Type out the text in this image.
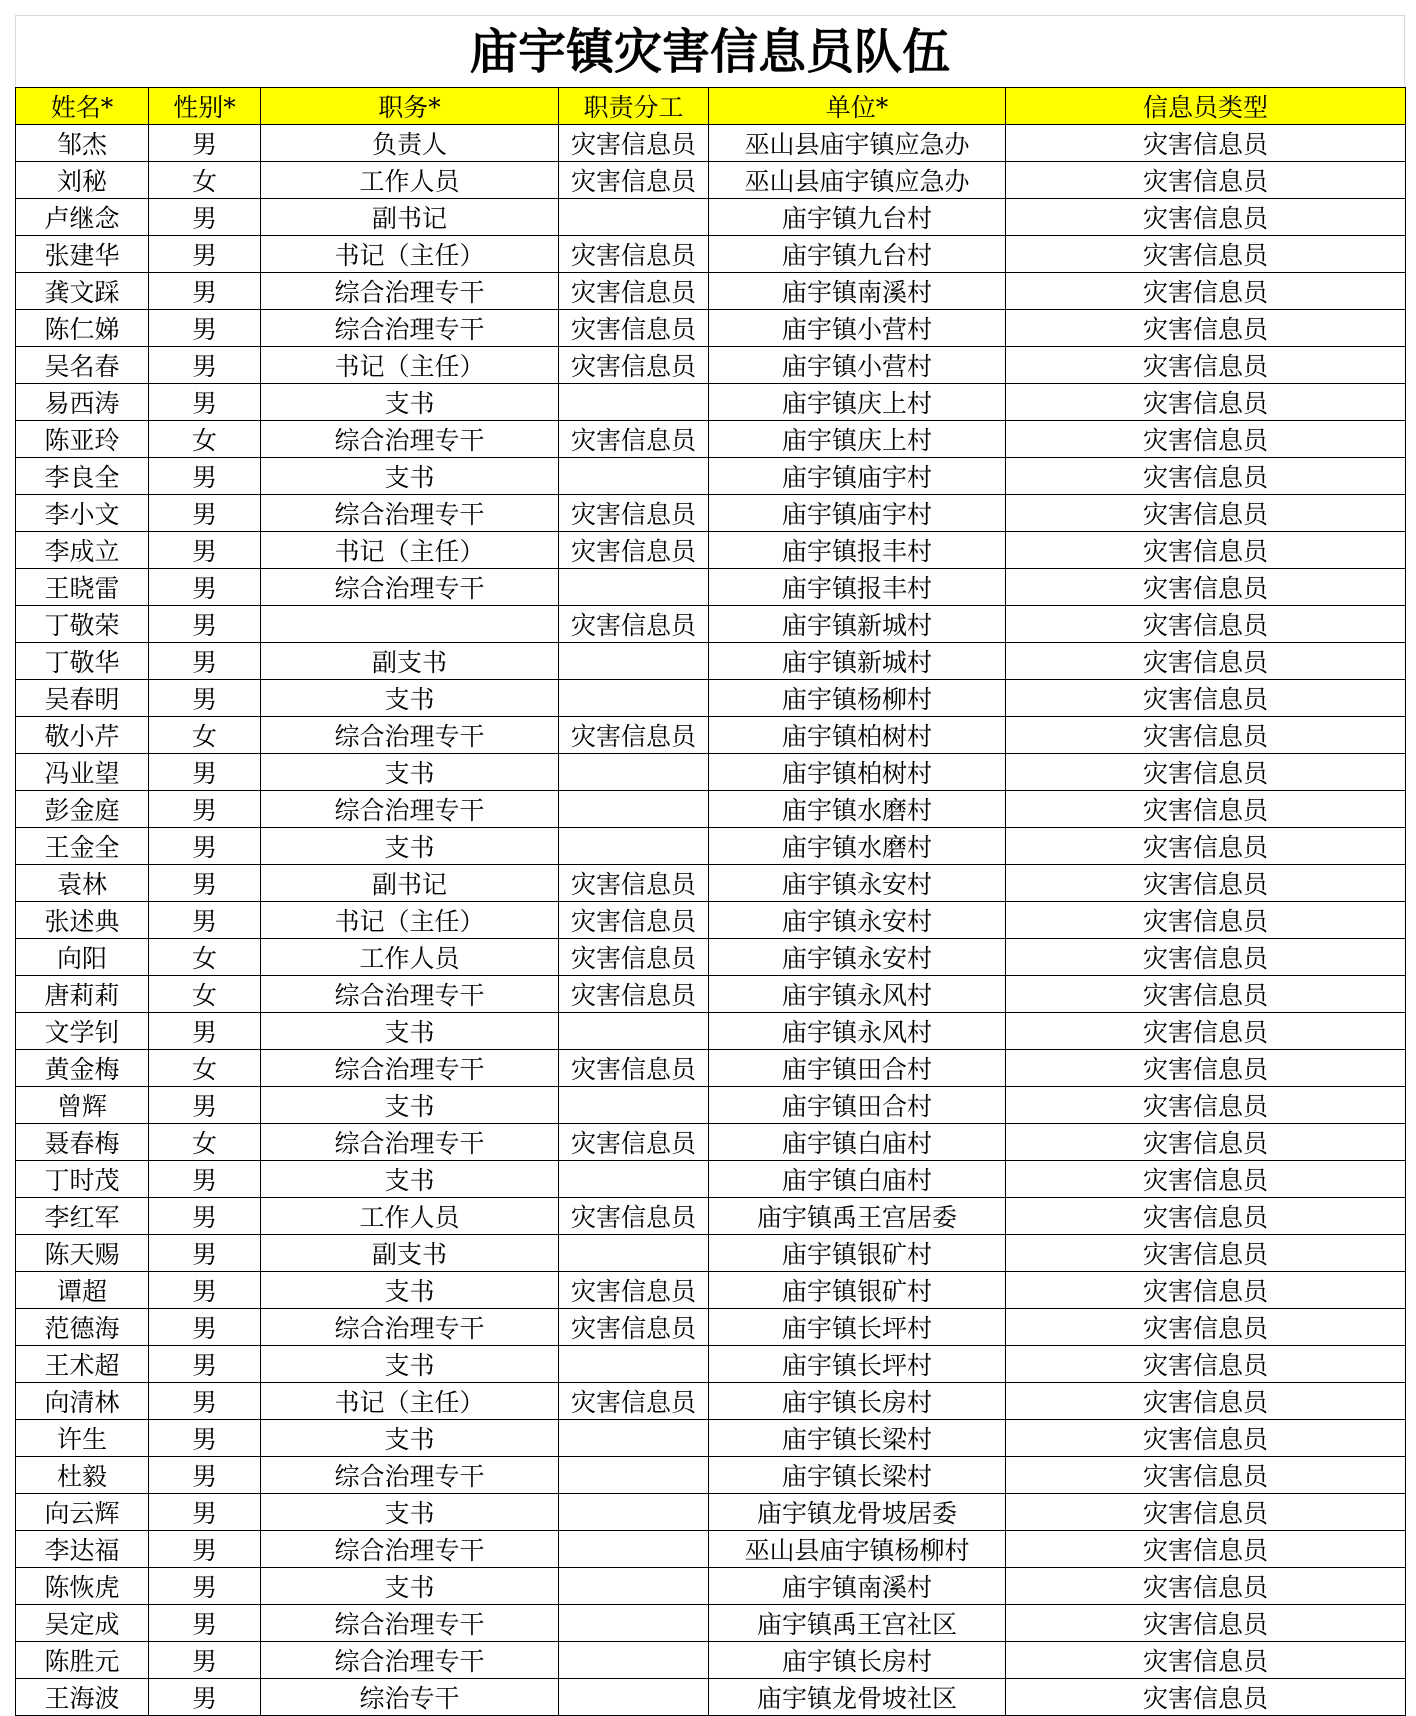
庙宇镇灾害信息员队伍
姓名*	性别*	职务*	职责分工	单位*	信息员类型
邹杰	男	负责人	灾害信息员	巫山县庙宇镇应急办	灾害信息员
刘秘	女	工作人员	灾害信息员	巫山县庙宇镇应急办	灾害信息员
卢继念	男	副书记		庙宇镇九台村	灾害信息员
张建华	男	书记（主任）	灾害信息员	庙宇镇九台村	灾害信息员
龚文踩	男	综合治理专干	灾害信息员	庙宇镇南溪村	灾害信息员
陈仁娣	男	综合治理专干	灾害信息员	庙宇镇小营村	灾害信息员
吴名春	男	书记（主任）	灾害信息员	庙宇镇小营村	灾害信息员
易西涛	男	支书		庙宇镇庆上村	灾害信息员
陈亚玲	女	综合治理专干	灾害信息员	庙宇镇庆上村	灾害信息员
李良全	男	支书		庙宇镇庙宇村	灾害信息员
李小文	男	综合治理专干	灾害信息员	庙宇镇庙宇村	灾害信息员
李成立	男	书记（主任）	灾害信息员	庙宇镇报丰村	灾害信息员
王晓雷	男	综合治理专干		庙宇镇报丰村	灾害信息员
丁敬荣	男		灾害信息员	庙宇镇新城村	灾害信息员
丁敬华	男	副支书		庙宇镇新城村	灾害信息员
吴春明	男	支书		庙宇镇杨柳村	灾害信息员
敬小芹	女	综合治理专干	灾害信息员	庙宇镇柏树村	灾害信息员
冯业望	男	支书		庙宇镇柏树村	灾害信息员
彭金庭	男	综合治理专干		庙宇镇水磨村	灾害信息员
王金全	男	支书		庙宇镇水磨村	灾害信息员
袁林	男	副书记	灾害信息员	庙宇镇永安村	灾害信息员
张述典	男	书记（主任）	灾害信息员	庙宇镇永安村	灾害信息员
向阳	女	工作人员	灾害信息员	庙宇镇永安村	灾害信息员
唐莉莉	女	综合治理专干	灾害信息员	庙宇镇永风村	灾害信息员
文学钊	男	支书		庙宇镇永风村	灾害信息员
黄金梅	女	综合治理专干	灾害信息员	庙宇镇田合村	灾害信息员
曾辉	男	支书		庙宇镇田合村	灾害信息员
聂春梅	女	综合治理专干	灾害信息员	庙宇镇白庙村	灾害信息员
丁时茂	男	支书		庙宇镇白庙村	灾害信息员
李红军	男	工作人员	灾害信息员	庙宇镇禹王宫居委	灾害信息员
陈天赐	男	副支书		庙宇镇银矿村	灾害信息员
谭超	男	支书	灾害信息员	庙宇镇银矿村	灾害信息员
范德海	男	综合治理专干	灾害信息员	庙宇镇长坪村	灾害信息员
王术超	男	支书		庙宇镇长坪村	灾害信息员
向清林	男	书记（主任）	灾害信息员	庙宇镇长房村	灾害信息员
许生	男	支书		庙宇镇长梁村	灾害信息员
杜毅	男	综合治理专干		庙宇镇长梁村	灾害信息员
向云辉	男	支书		庙宇镇龙骨坡居委	灾害信息员
李达福	男	综合治理专干		巫山县庙宇镇杨柳村	灾害信息员
陈恢虎	男	支书		庙宇镇南溪村	灾害信息员
吴定成	男	综合治理专干		庙宇镇禹王宫社区	灾害信息员
陈胜元	男	综合治理专干		庙宇镇长房村	灾害信息员
王海波	男	综治专干		庙宇镇龙骨坡社区	灾害信息员
